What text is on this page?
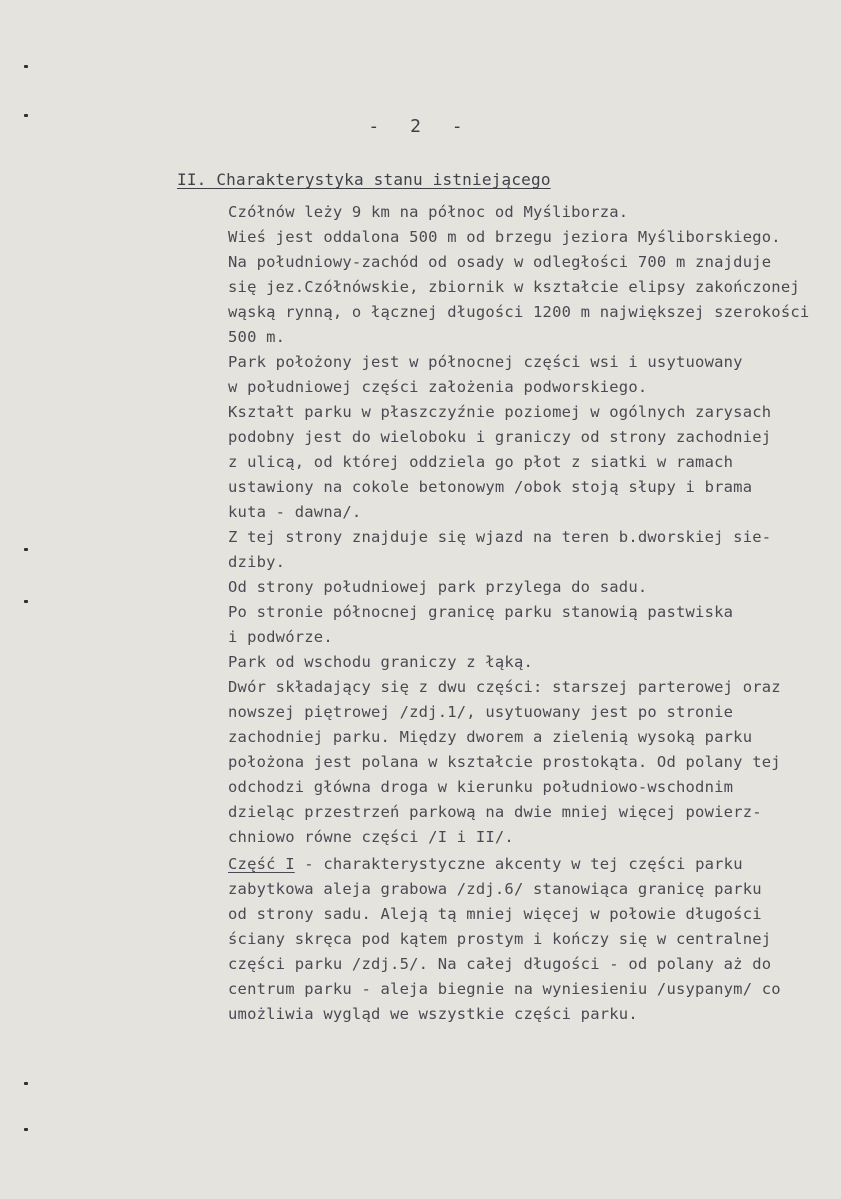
- 2 -
II. Charakterystyka stanu istniejącego
Czółnów leży 9 km na północ od Myśliborza.
Wieś jest oddalona 500 m od brzegu jeziora Myśliborskiego.
Na południowy-zachód od osady w odległości 700 m znajduje
się jez.Czółnówskie, zbiornik w kształcie elipsy zakończonej
wąską rynną, o łącznej długości 1200 m największej szerokości
500 m.
Park położony jest w północnej części wsi i usytuowany
w południowej części założenia podworskiego.
Kształt parku w płaszczyźnie poziomej w ogólnych zarysach
podobny jest do wieloboku i graniczy od strony zachodniej
z ulicą, od której oddziela go płot z siatki w ramach
ustawiony na cokole betonowym /obok stoją słupy i brama
kuta - dawna/.
Z tej strony znajduje się wjazd na teren b.dworskiej sie-
dziby.
Od strony południowej park przylega do sadu.
Po stronie północnej granicę parku stanowią pastwiska
i podwórze.
Park od wschodu graniczy z łąką.
Dwór składający się z dwu części: starszej parterowej oraz
nowszej piętrowej /zdj.1/, usytuowany jest po stronie
zachodniej parku. Między dworem a zielenią wysoką parku
położona jest polana w kształcie prostokąta. Od polany tej
odchodzi główna droga w kierunku południowo-wschodnim
dzieląc przestrzeń parkową na dwie mniej więcej powierz-
chniowo równe części /I i II/.
Część I - charakterystyczne akcenty w tej części parku
zabytkowa aleja grabowa /zdj.6/ stanowiąca granicę parku
od strony sadu. Aleją tą mniej więcej w połowie długości
ściany skręca pod kątem prostym i kończy się w centralnej
części parku /zdj.5/. Na całej długości - od polany aż do
centrum parku - aleja biegnie na wyniesieniu /usypanym/ co
umożliwia wygląd we wszystkie części parku.
